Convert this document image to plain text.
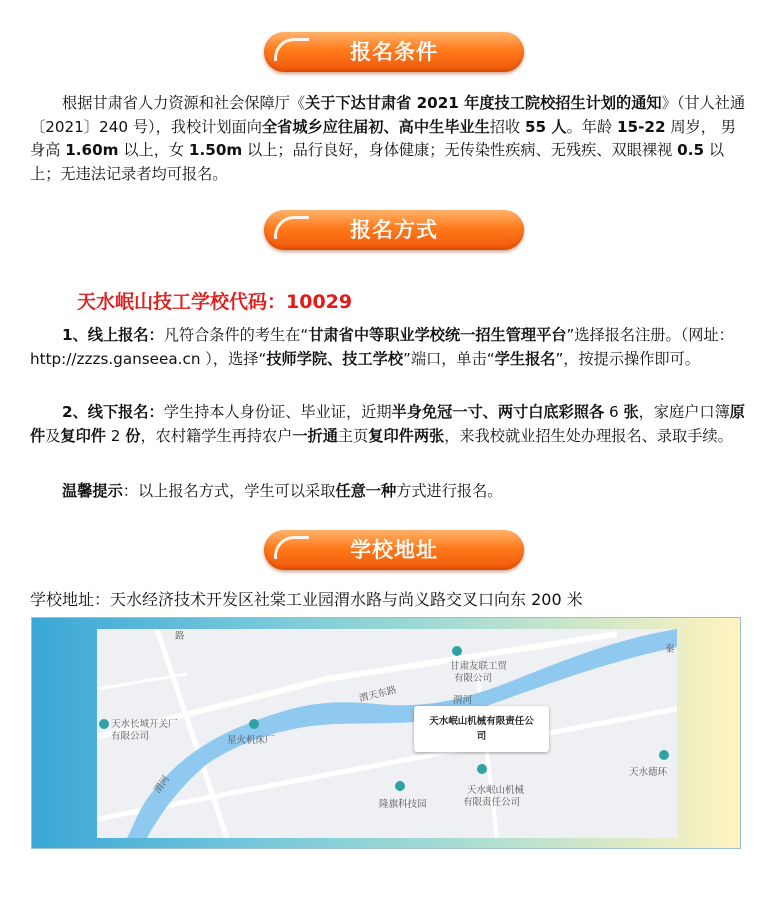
报名条件

根据甘肃省人力资源和社会保障厅《关于下达甘肃省 2021 年度技工院校招生计划的通知》（甘人社通〔2021〕240 号），我校计划面向全省城乡应往届初、高中生毕业生招收 55 人。年龄 15-22 周岁， 男身高 1.60m 以上，女 1.50m 以上；品行良好，身体健康；无传染性疾病、无残疾、双眼裸视 0.5 以上；无违法记录者均可报名。

报名方式

天水岷山技工学校代码：10029

1、线上报名：凡符合条件的考生在“甘肃省中等职业学校统一招生管理平台”选择报名注册。（网址：http://zzzs.ganseea.cn ），选择“技师学院、技工学校”端口，单击“学生报名”，按提示操作即可。

2、线下报名：学生持本人身份证、毕业证，近期半身免冠一寸、两寸白底彩照各 6 张，家庭户口簿原件及复印件 2 份，农村籍学生再持农户一折通主页复印件两张，来我校就业招生处办理报名、录取手续。

温馨提示：以上报名方式，学生可以采取任意一种方式进行报名。

学校地址

学校地址：天水经济技术开发区社棠工业园渭水路与尚义路交叉口向东 200 米

路
甘肃友联工贸
有限公司
渭天东路	渭河
天水长城开关厂
有限公司	星火机床厂
渭河	天水岷山机械
有限责任公司
隆旗科技园
天水德环
秦
天水岷山机械有限责任公
司
